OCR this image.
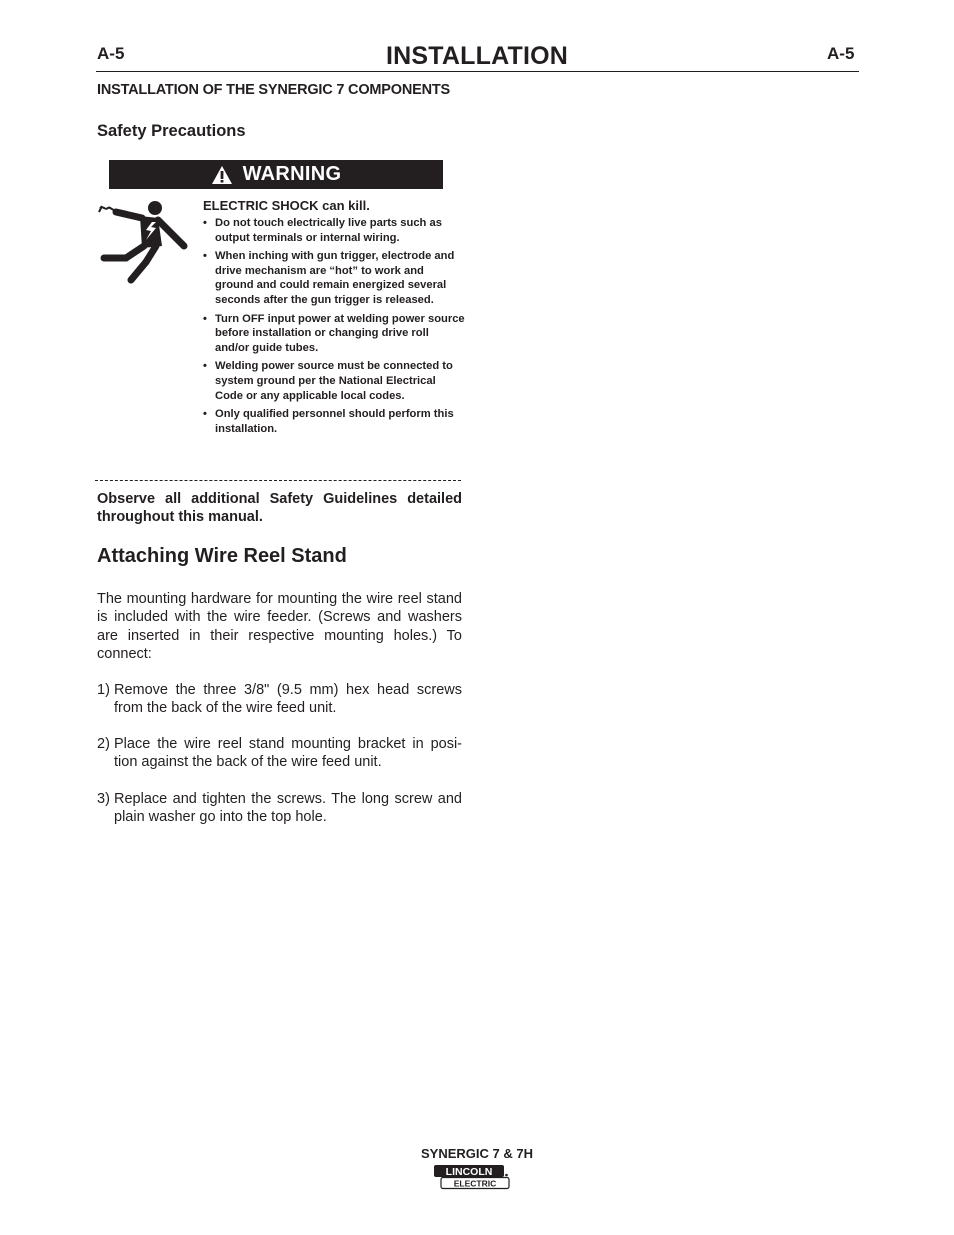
A-5	INSTALLATION	A-5
INSTALLATION OF THE SYNERGIC 7 COMPONENTS
Safety Precautions
WARNING
ELECTRIC SHOCK can kill.
• Do not touch electrically live parts such as output terminals or internal wiring.
• When inching with gun trigger, electrode and drive mechanism are “hot” to work and ground and could remain energized several seconds after the gun trigger is released.
• Turn OFF input power at welding power source before installation or changing drive roll and/or guide tubes.
• Welding power source must be connected to system ground per the National Electrical Code or any applicable local codes.
• Only qualified personnel should perform this installation.
Observe all additional Safety Guidelines detailed throughout this manual.
Attaching Wire Reel Stand
The mounting hardware for mounting the wire reel stand is included with the wire feeder. (Screws and washers are inserted in their respective mounting holes.) To connect:
1) Remove the three 3/8" (9.5 mm) hex head screws from the back of the wire feed unit.
2) Place the wire reel stand mounting bracket in posi-tion against the back of the wire feed unit.
3) Replace and tighten the screws. The long screw and plain washer go into the top hole.
SYNERGIC 7 & 7H
LINCOLN
ELECTRIC
